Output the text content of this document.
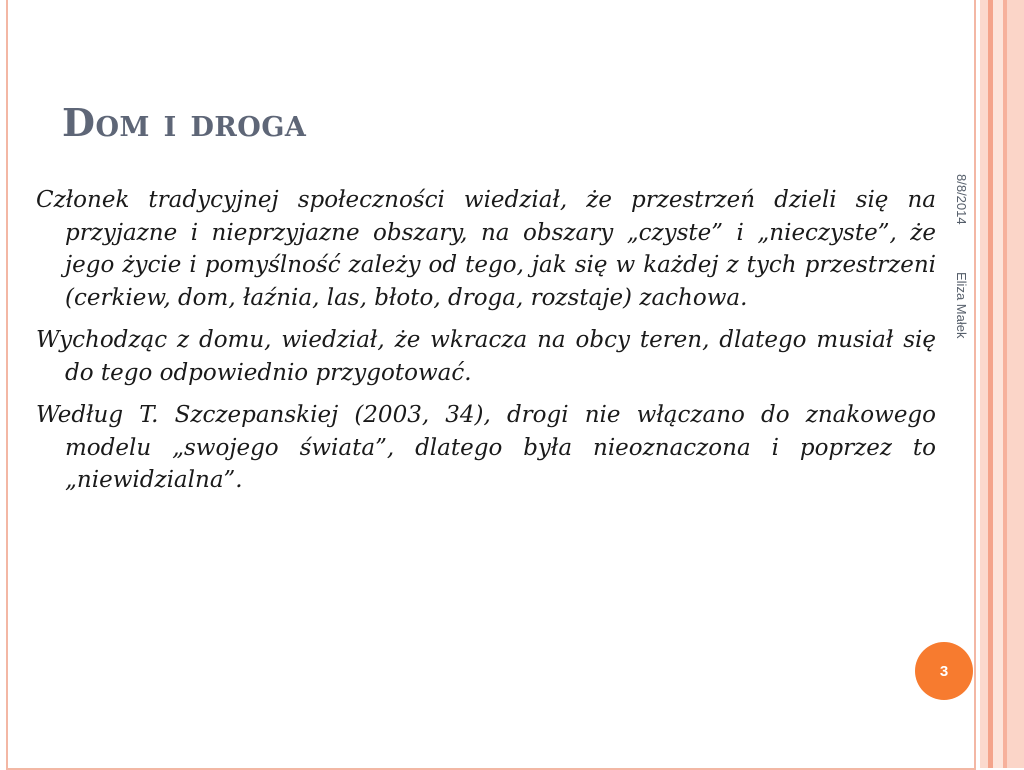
Dom i droga

Członek tradycyjnej społeczności wiedział, że przestrzeń dzieli się na przyjazne i nieprzyjazne obszary, na obszary „czyste” i „nieczyste”, że jego życie i pomyślność zależy od tego, jak się w każdej z tych przestrzeni (cerkiew, dom, łaźnia, las, błoto, droga, rozstaje) zachowa.

Wychodząc z domu, wiedział, że wkracza na obcy teren, dlatego musiał się do tego odpowiednio przygotować.

Według T. Szczepanskiej (2003, 34), drogi nie włączano do znakowego modelu „swojego świata”, dlatego była nieoznaczona i poprzez to „niewidzialna”.

8/8/2014
Eliza Małek
3
